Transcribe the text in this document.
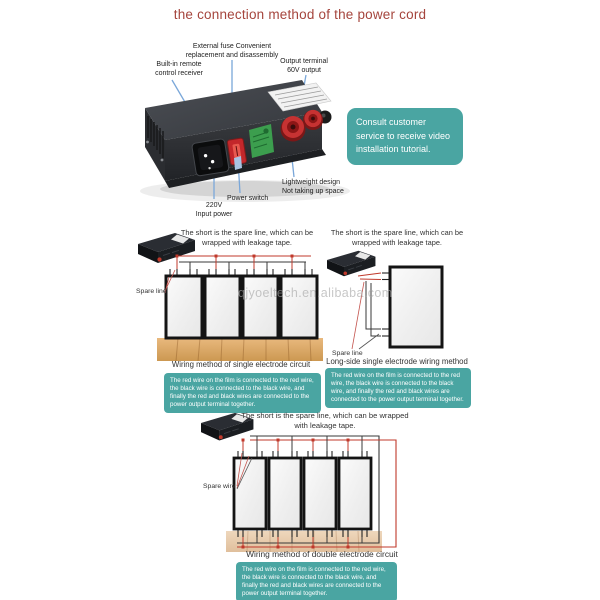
the connection method of the power cord
External fuse Convenient replacement and disassembly
Built-in remote control receiver
Output terminal 60V output
Lightweight design Not taking up space
Power switch
220V
Input power
Consult customer service to receive video installation tutorial.
The short is the spare line, which can be wrapped with leakage tape.
Spare line
Wiring method of single electrode circuit
The red wire on the film is connected to the red wire, the black wire is connected to the black wire, and finally the red and black wires are connected to the power output terminal together.
The short is the spare line, which can be wrapped with leakage tape.
Spare line
Long-side single electrode wiring method
The red wire on the film is connected to the red wire, the black wire is connected to the black wire, and finally the red and black wires are connected to the power output terminal together.
The short is the spare line, which can be wrapped with leakage tape.
Spare wire
Wiring method of double electrode circuit
The red wire on the film is connected to the red wire, the black wire is connected to the black wire, and finally the red and black wires are connected to the power output terminal together.
qjyoeltech.en.alibaba.com
